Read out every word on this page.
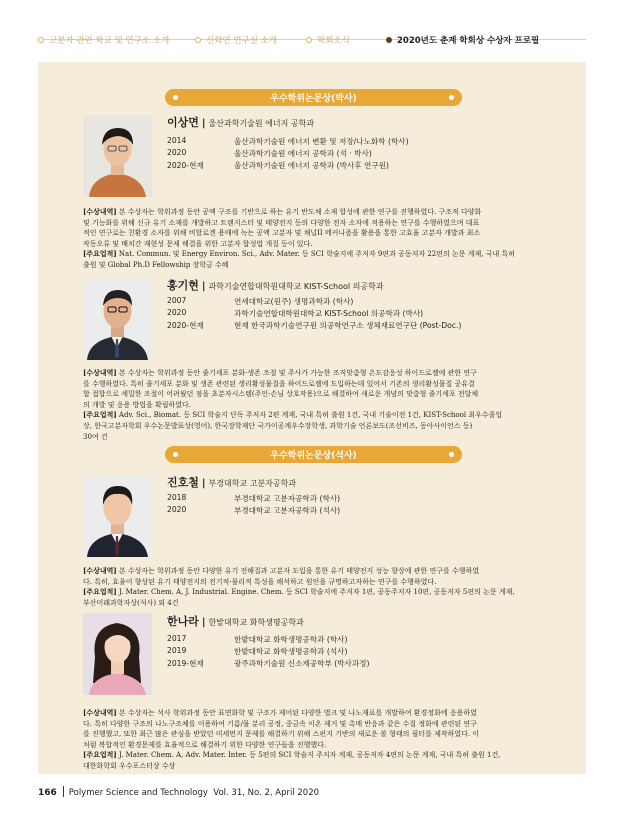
고분자 관련 학교 및 연구소 소개	신학연 연구실 소개	학회소식	2020년도 춘계 학회상 수상자 프로필
우수학위논문상(박사)
이상면 | 울산과학기술원 에너지 공학과
2014	울산과학기술원 에너지 변환 및 저장/나노화학 (학사)
2020	울산과학기술원 에너지 공학과 (석 · 박사)
2020-현재	울산과학기술원 에너지 공학과 (박사후 연구원)
[수상내역] 본 수상자는 학위과정 동안 공액 구조를 기반으로 하는 유기 반도체 소재 합성에 관한 연구를 진행하였다. 구조적 다양화
및 기능화를 위해 신규 유기 소재를 개발하고 트랜지스터 및 태양전지 등의 다양한 전자 소자에 적용하는 연구를 수행하였으며 대표
적인 연구로는 친환경 소자를 위해 비할로겐 용매에 녹는 공액 고분자 및 채널II 메커니즘을 활용을 통한 고효율 고분자 개발과 최소
작동오류 및 배치간 재현성 문제 해결을 위한 고분자 합성법 개질 등이 있다.
[주요업적] Nat. Commun. 및 Energy Environ. Sci., Adv. Mater. 등 SCI 학술지에 주저자 9편과 공동저자 22편의 논문 게재, 국내 특허
출원 및 Global Ph.D Fellowship 장학금 수혜
홍기현 | 과학기술연합대학원대학교 KIST-School 의공학과
2007	연세대학교(원주) 생명과학과 (학사)
2020	과학기술연합대학원대학교 KIST-School 의공학과 (박사)
2020-현재	현재 한국과학기술연구원 의공학연구소 생체재료연구단 (Post-Doc.)
[수상내역] 본 수상자는 학위과정 동안 줄기세포 분화·생존 조절 및 주사가 가능한 조직맞춤형 온도감응성 하이드로젤에 관한 연구
를 수행하였다. 특히 줄기세포 분화 및 생존 관련된 생리활성물질을 하이드로젤에 도입하는데 있어서 기존의 생리활성물질 공유결
합 접합으로 세밀한 조절이 어려웠던 점을 초분자시스템(주인-손님 상호작용)으로 해결하여 새로운 개념의 맞춤형 줄기세포 전달체
의 개발 및 응용 방법을 확립하였다.
[주요업적] Adv. Sci., Biomat. 등 SCI 학술지 단독 주저자 2편 게재, 국내 특허 출원 1건, 국내 기술이전 1건, KIST-School 최우수졸업
상, 한국고분자학회 우수논문발표상(영어), 한국장학재단 국가이공계우수장학생, 과학기술 언론보도(조선비즈, 동아사이언스 등)
30여 건
우수학위논문상(석사)
진호철 | 부경대학교 고분자공학과
2018	부경대학교 고분자공학과 (학사)
2020	부경대학교 고분자공학과 (석사)
[수상내역] 본 수상자는 학위과정 동안 다양한 유기 전해질과 고분자 도입을 통한 유기 태양전지 성능 향상에 관한 연구를 수행하였
다. 특히, 효율이 향상된 유기 태양전지의 전기적·물리적 특성을 해석하고 원인을 규명하고자하는 연구를 수행하였다.
[주요업적] J. Mater. Chem. A, J. Industrial. Engine. Chem. 등 SCI 학술지에 주저자 1편, 공동주저자 10편, 공동저자 5편의 논문 게재,
부산미래과학자상(석사) 외 4건
한나라 | 한밭대학교 화학생명공학과
2017	한밭대학교 화학생명공학과 (학사)
2019	한밭대학교 화학생명공학과 (석사)
2019-현재	광주과학기술원 신소재공학부 (박사과정)
[수상내역] 본 수상자는 석사 학위과정 동안 표면화학 및 구조가 제어된 다양한 벌크 및 나노재료를 개발하여 환경정화에 응용하였
다. 특히 다양한 구조의 나노구조체를 이용하여 기름/물 분리 공정, 중금속 이온 제거 및 촉매 반응과 같은 수질 정화에 관련된 연구
를 진행했고, 또한 최근 많은 관심을 받았던 미세먼지 문제를 해결하기 위해 스펀지 기반의 새로운 볼 형태의 필터를 제작하였다. 이
처럼 복합적인 환경문제를 효율적으로 해결하기 위한 다양한 연구들을 진행했다.
[주요업적] J. Mater. Chem. A, Adv. Mater. Inter. 등 5편의 SCI 학술지 주저자 게재, 공동저자 4편의 논문 게재, 국내 특허 출원 1건,
대한화학회 우수포스터상 수상
166 Polymer Science and Technology Vol. 31, No. 2, April 2020
